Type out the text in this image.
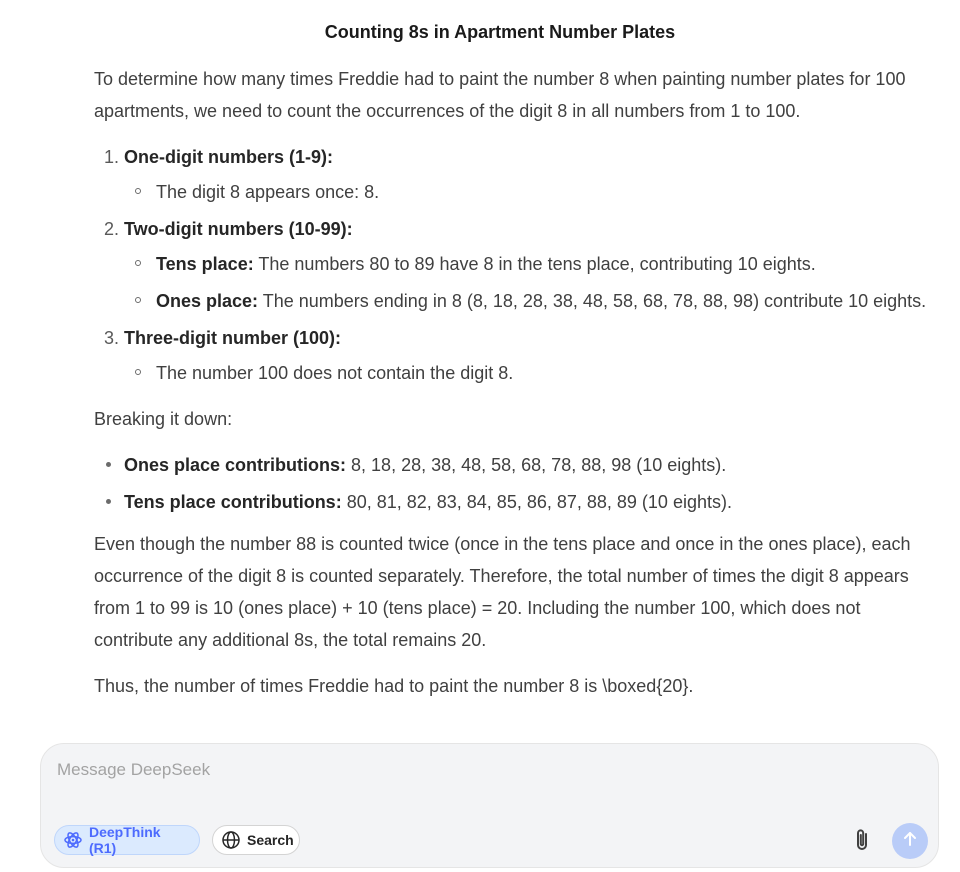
Counting 8s in Apartment Number Plates

To determine how many times Freddie had to paint the number 8 when painting number plates for 100 apartments, we need to count the occurrences of the digit 8 in all numbers from 1 to 100.

1. One-digit numbers (1-9):
The digit 8 appears once: 8.
2. Two-digit numbers (10-99):
Tens place: The numbers 80 to 89 have 8 in the tens place, contributing 10 eights.
Ones place: The numbers ending in 8 (8, 18, 28, 38, 48, 58, 68, 78, 88, 98) contribute 10 eights.
3. Three-digit number (100):
The number 100 does not contain the digit 8.

Breaking it down:

Ones place contributions: 8, 18, 28, 38, 48, 58, 68, 78, 88, 98 (10 eights).
Tens place contributions: 80, 81, 82, 83, 84, 85, 86, 87, 88, 89 (10 eights).

Even though the number 88 is counted twice (once in the tens place and once in the ones place), each occurrence of the digit 8 is counted separately. Therefore, the total number of times the digit 8 appears from 1 to 99 is 10 (ones place) + 10 (tens place) = 20. Including the number 100, which does not contribute any additional 8s, the total remains 20.

Thus, the number of times Freddie had to paint the number 8 is \boxed{20}.

Message DeepSeek
DeepThink (R1)	Search
